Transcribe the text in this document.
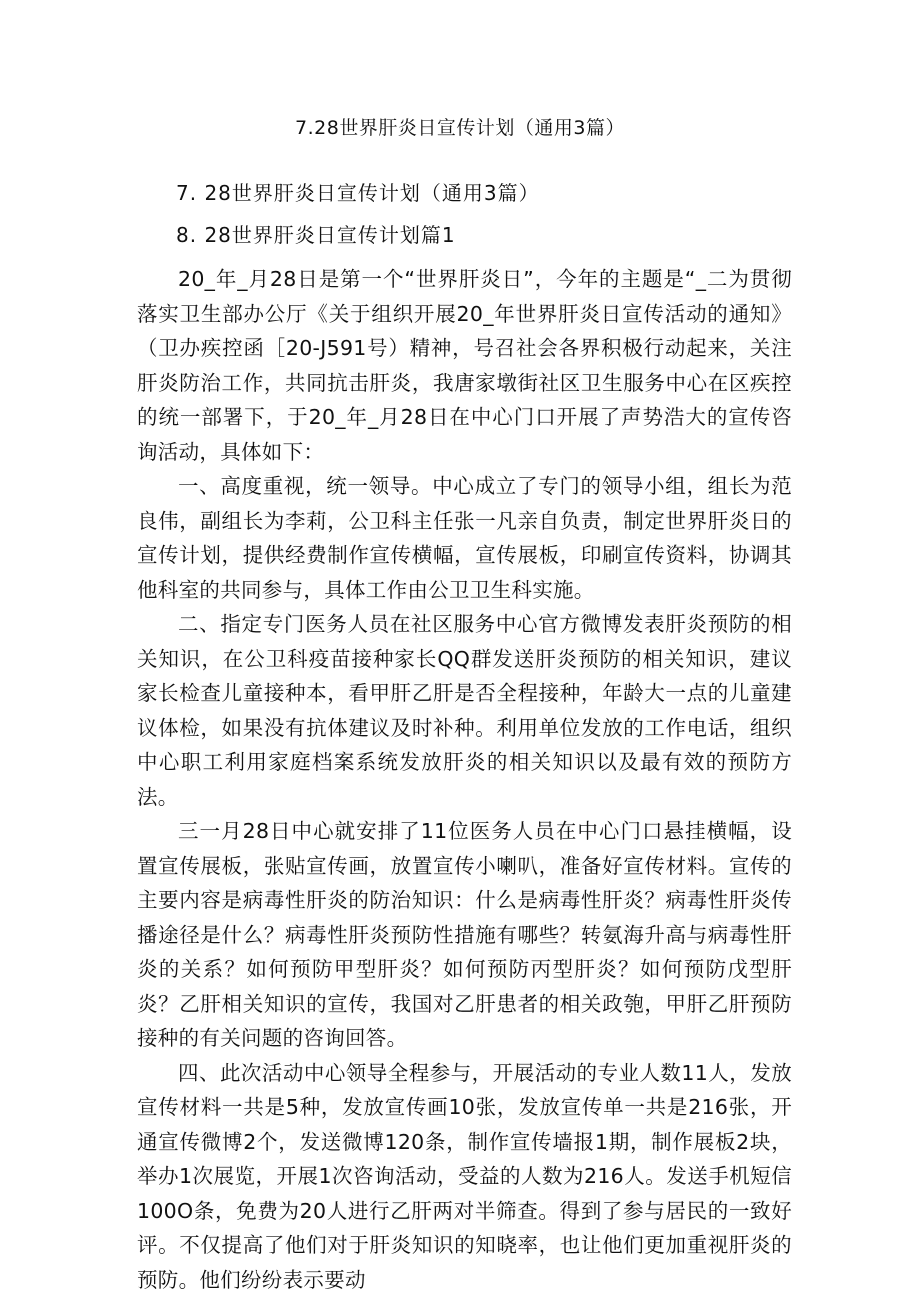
7.28世界肝炎日宣传计划（通用3篇）
7. 28世界肝炎日宣传计划（通用3篇）
8. 28世界肝炎日宣传计划篇1

20_年_月28日是第一个“世界肝炎日”，今年的主题是“_二为贯彻落实卫生部办公厅《关于组织开展20_年世界肝炎日宣传活动的通知》（卫办疾控函［20-J591号）精神，号召社会各界积极行动起来，关注肝炎防治工作，共同抗击肝炎，我唐家墩街社区卫生服务中心在区疾控的统一部署下，于20_年_月28日在中心门口开展了声势浩大的宣传咨询活动，具体如下：

一、高度重视，统一领导。中心成立了专门的领导小组，组长为范良伟，副组长为李莉，公卫科主任张一凡亲自负责，制定世界肝炎日的宣传计划，提供经费制作宣传横幅，宣传展板，印刷宣传资料，协调其他科室的共同参与，具体工作由公卫卫生科实施。

二、指定专门医务人员在社区服务中心官方微博发表肝炎预防的相关知识，在公卫科疫苗接种家长QQ群发送肝炎预防的相关知识，建议家长检查儿童接种本，看甲肝乙肝是否全程接种，年龄大一点的儿童建议体检，如果没有抗体建议及时补种。利用单位发放的工作电话，组织中心职工利用家庭档案系统发放肝炎的相关知识以及最有效的预防方法。

三一月28日中心就安排了11位医务人员在中心门口悬挂横幅，设置宣传展板，张贴宣传画，放置宣传小喇叭，准备好宣传材料。宣传的主要内容是病毒性肝炎的防治知识：什么是病毒性肝炎？病毒性肝炎传播途径是什么？病毒性肝炎预防性措施有哪些？转氨海升高与病毒性肝炎的关系？如何预防甲型肝炎？如何预防丙型肝炎？如何预防戊型肝炎？乙肝相关知识的宣传，我国对乙肝患者的相关政匏，甲肝乙肝预防接种的有关问题的咨询回答。

四、此次活动中心领导全程参与，开展活动的专业人数11人，发放宣传材料一共是5种，发放宣传画10张，发放宣传单一共是216张，开通宣传微博2个，发送微博120条，制作宣传墙报1期，制作展板2块，举办1次展览，开展1次咨询活动，受益的人数为216人。发送手机短信100O条，免费为20人进行乙肝两对半筛查。得到了参与居民的一致好评。不仅提高了他们对于肝炎知识的知晓率，也让他们更加重视肝炎的预防。他们纷纷表示要动
